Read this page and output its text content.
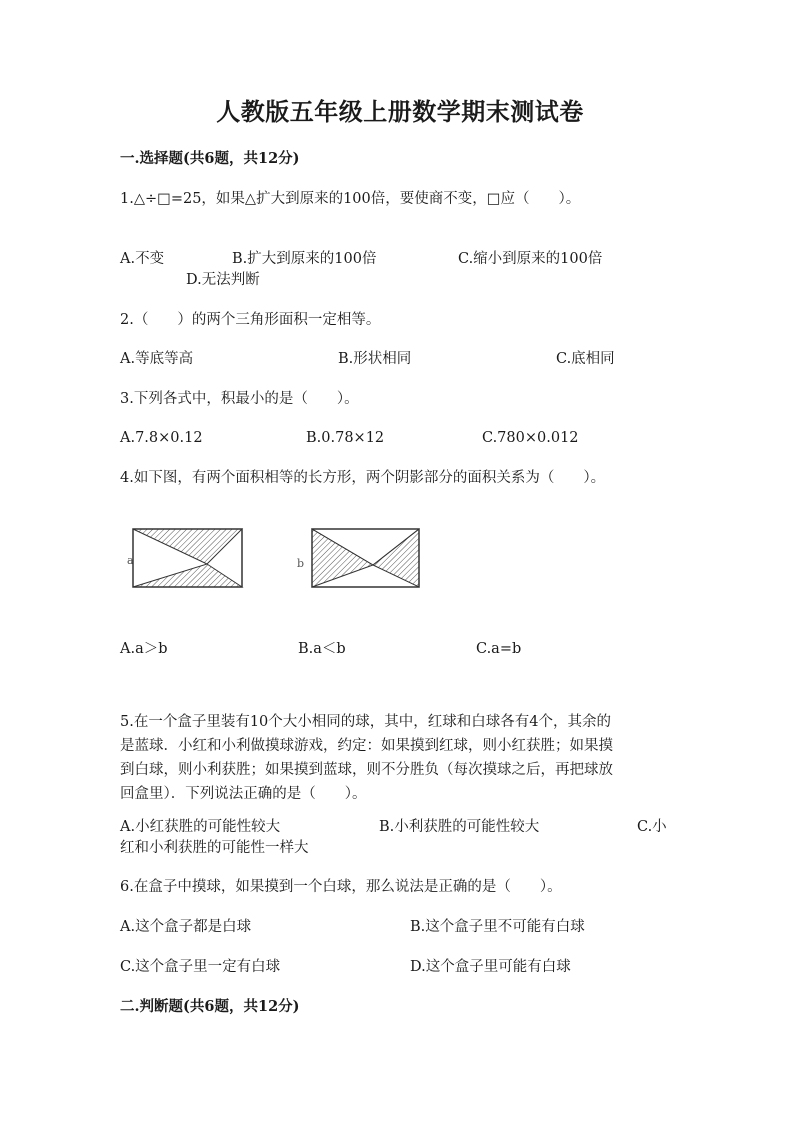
人教版五年级上册数学期末测试卷
一.选择题(共6题，共12分)
1.△÷□=25，如果△扩大到原来的100倍，要使商不变，□应（　　）。
A.不变	B.扩大到原来的100倍	C.缩小到原来的100倍
D.无法判断
2.（　　）的两个三角形面积一定相等。
A.等底等高	B.形状相同	C.底相同
3.下列各式中，积最小的是（　　）。
A.7.8×0.12	B.0.78×12	C.780×0.012
4.如下图，有两个面积相等的长方形，两个阴影部分的面积关系为（　　）。
a	b
A.a＞b	B.a＜b	C.a=b
5.在一个盒子里装有10个大小相同的球，其中，红球和白球各有4个，其余的
是蓝球．小红和小利做摸球游戏，约定：如果摸到红球，则小红获胜；如果摸
到白球，则小利获胜；如果摸到蓝球，则不分胜负（每次摸球之后，再把球放
回盒里）．下列说法正确的是（　　）。
A.小红获胜的可能性较大	B.小利获胜的可能性较大	C.小
红和小利获胜的可能性一样大
6.在盒子中摸球，如果摸到一个白球，那么说法是正确的是（　　）。
A.这个盒子都是白球	B.这个盒子里不可能有白球
C.这个盒子里一定有白球	D.这个盒子里可能有白球
二.判断题(共6题，共12分)
